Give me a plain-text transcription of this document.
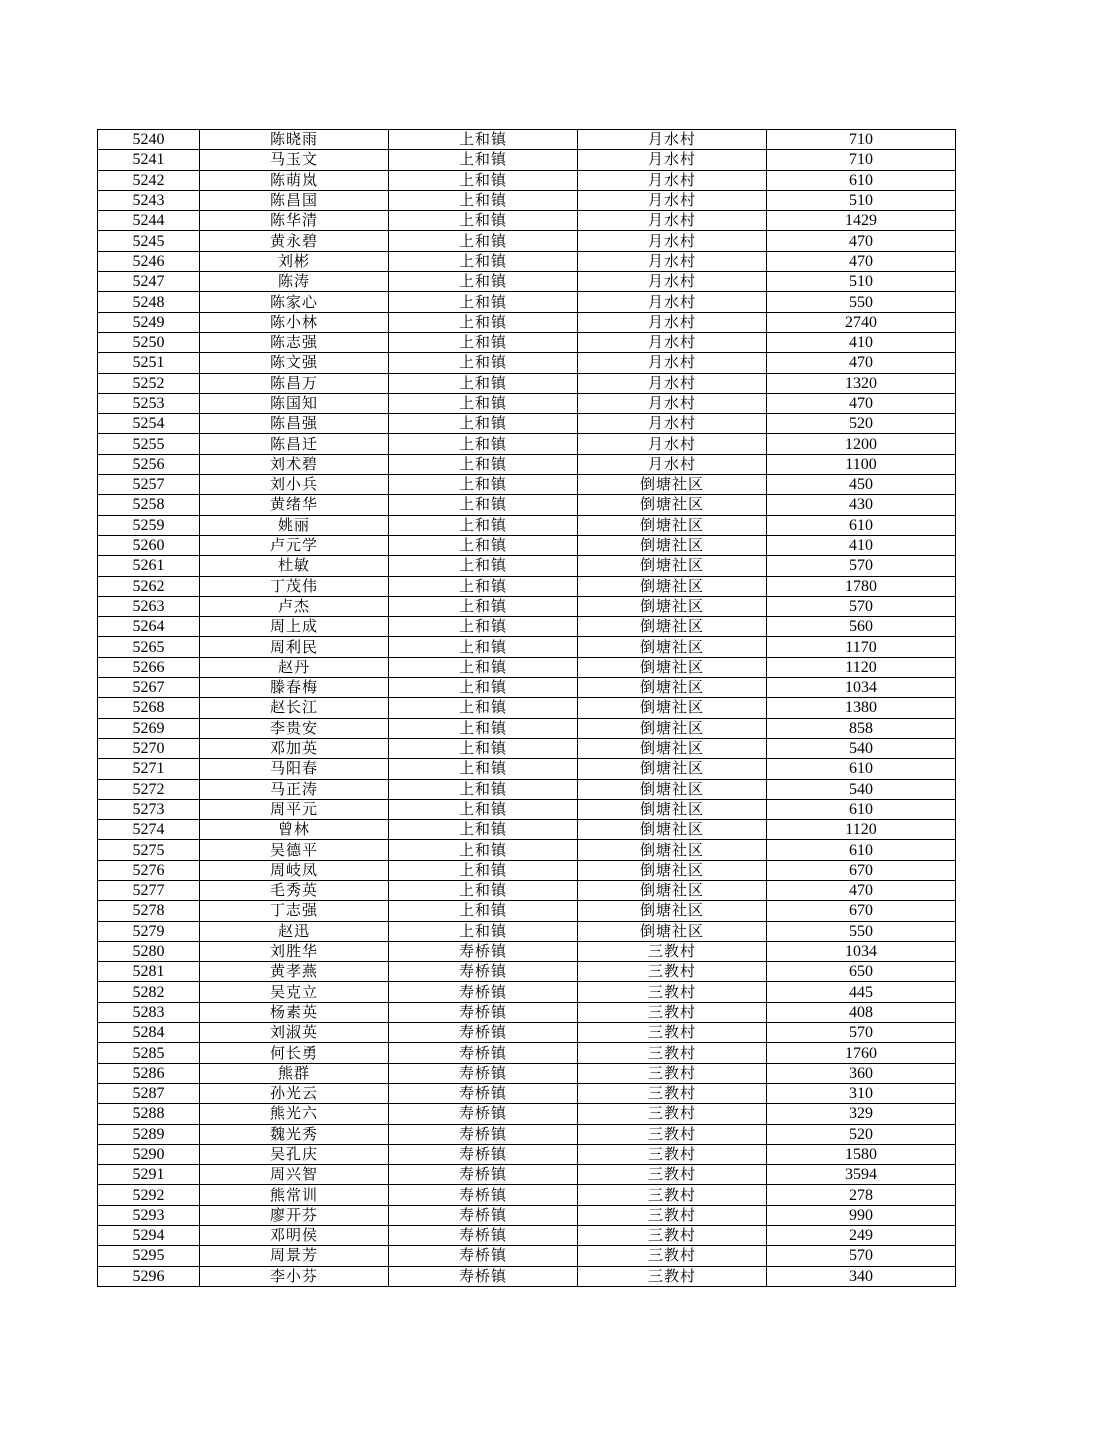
5240	陈晓雨	上和镇	月水村	710
5241	马玉文	上和镇	月水村	710
5242	陈萌岚	上和镇	月水村	610
5243	陈昌国	上和镇	月水村	510
5244	陈华清	上和镇	月水村	1429
5245	黄永碧	上和镇	月水村	470
5246	刘彬	上和镇	月水村	470
5247	陈涛	上和镇	月水村	510
5248	陈家心	上和镇	月水村	550
5249	陈小林	上和镇	月水村	2740
5250	陈志强	上和镇	月水村	410
5251	陈文强	上和镇	月水村	470
5252	陈昌万	上和镇	月水村	1320
5253	陈国知	上和镇	月水村	470
5254	陈昌强	上和镇	月水村	520
5255	陈昌迁	上和镇	月水村	1200
5256	刘术碧	上和镇	月水村	1100
5257	刘小兵	上和镇	倒塘社区	450
5258	黄绪华	上和镇	倒塘社区	430
5259	姚丽	上和镇	倒塘社区	610
5260	卢元学	上和镇	倒塘社区	410
5261	杜敏	上和镇	倒塘社区	570
5262	丁茂伟	上和镇	倒塘社区	1780
5263	卢杰	上和镇	倒塘社区	570
5264	周上成	上和镇	倒塘社区	560
5265	周利民	上和镇	倒塘社区	1170
5266	赵丹	上和镇	倒塘社区	1120
5267	滕春梅	上和镇	倒塘社区	1034
5268	赵长江	上和镇	倒塘社区	1380
5269	李贵安	上和镇	倒塘社区	858
5270	邓加英	上和镇	倒塘社区	540
5271	马阳春	上和镇	倒塘社区	610
5272	马正涛	上和镇	倒塘社区	540
5273	周平元	上和镇	倒塘社区	610
5274	曾林	上和镇	倒塘社区	1120
5275	吴德平	上和镇	倒塘社区	610
5276	周岐凤	上和镇	倒塘社区	670
5277	毛秀英	上和镇	倒塘社区	470
5278	丁志强	上和镇	倒塘社区	670
5279	赵迅	上和镇	倒塘社区	550
5280	刘胜华	寿桥镇	三教村	1034
5281	黄孝燕	寿桥镇	三教村	650
5282	吴克立	寿桥镇	三教村	445
5283	杨素英	寿桥镇	三教村	408
5284	刘淑英	寿桥镇	三教村	570
5285	何长勇	寿桥镇	三教村	1760
5286	熊群	寿桥镇	三教村	360
5287	孙光云	寿桥镇	三教村	310
5288	熊光六	寿桥镇	三教村	329
5289	魏光秀	寿桥镇	三教村	520
5290	吴孔庆	寿桥镇	三教村	1580
5291	周兴智	寿桥镇	三教村	3594
5292	熊常训	寿桥镇	三教村	278
5293	廖开芬	寿桥镇	三教村	990
5294	邓明侯	寿桥镇	三教村	249
5295	周景芳	寿桥镇	三教村	570
5296	李小芬	寿桥镇	三教村	340
